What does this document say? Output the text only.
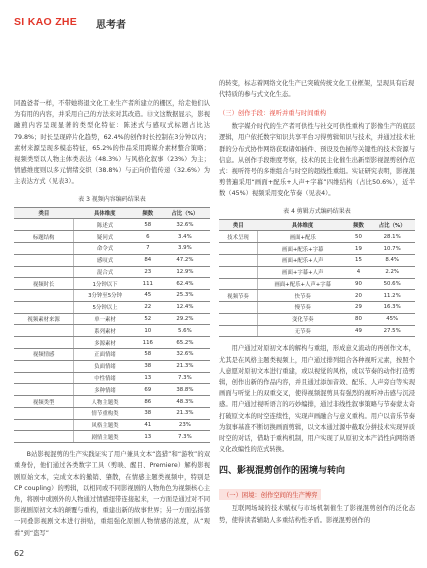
SI KAO ZHE 思考者
的转变，标志着网络文化生产已突破传统文化工业框架，呈现具有后现代特质的参与式文化生态。

同盈爸者一样，不带她将退文化工业生产者所建立的栅区，给走他们认为有用的内容，并采用自己的方法来对其改造。⑬文这数据显示，影视融煎内容呈现显著的类型化特征：陈述式与感叹式标题占比达79.8%；时长呈现碎片化趋势，62.4%的创作时长控制在3分钟以内；素材来源呈现多模态特征，65.2%的作品采用跨媒介素材整合策略；视频类型以人物主体类表达（48.3%）与风格化叙事（23%）为主；情感维度则以多元情绪交织（38.8%）与正向价值传递（32.6%）为主表达方式（见表3）。

表 3 视频内容编码结果表
类目	具体维度	频数	占比（%）
	陈述式	58	32.6%
标题结构	疑问式	6	3.4%
	命令式	7	3.9%
	感叹式	84	47.2%
	混合式	23	12.9%
视频时长	1分钟以下	111	62.4%
	3分钟至5分钟	45	25.3%
	5分钟以上	22	12.4%
视频素材来源	单一素材	52	29.2%
	系列素材	10	5.6%
	多源素材	116	65.2%
视频情感	正面情绪	58	32.6%
	负面情绪	38	21.3%
	中性情绪	13	7.3%
	多种情绪	69	38.8%
视频类型	人物主题类	86	48.3%
	情节重构类	38	21.3%
	风格主题类	41	23%
	剧情主题类	13	7.3%

B站影视混剪的生产实践证实了用户兼具文本“盗猎”和“游牧”的双重身份，他们通过各类数字工具（剪映、醒目、Premiere）解构影视剧原始文本，完成文本的撤销、肇散，在情感主题类视频中，特别是CP coupling）的剪辑，以相同或不同影视剧的人物角色为视频核心主角，将剧中或剧外的人物通过情感纽带连接起来，一方面是通过对不同影视剧原初文本的颠覆与重构，重建出新的故事世界；另一方面弘扬第一同叠影视剧文本进行拼贴，重组强化原剧人物情感的浓度，从“观看”到“盗写”

（三）创作手段：视听并重与时间重构

数字媒介时代的生产者可供性与社交可供性重构了影像生产的底层逻辑，用户依托数字知识共享平台习得剪辑知识与技术，并通过技术社群的分布式协作网络获取诸如插件、预设及色插等关键性的技术资源与信息。从创作手段维度考察，技术的民主化催生出新型影视混剪创作范式：视听符号的多维组合与时空的超线性重组。实证研究表明，影视混剪普遍采用“画面+配乐+人声+字幕”四维结构（占比50.6%），近半数（45%）视频采用变化节奏（见表4）。

表 4 剪辑方式编码结果表
类目	具体维度	频数	占比（%）
技术呈现	画面+配乐	50	28.1%
	画面+配乐+字幕	19	10.7%
	画面+配乐+人声	15	8.4%
	画面+字幕+人声	4	2.2%
	画面+配乐+人声+字幕	90	50.6%
视频节奏	快节奏	20	11.2%
	慢节奏	29	16.3%
	变化节奏	80	45%
	无节奏	49	27.5%

用户通过对原初文本的解构与重组，形成意义流动的再创作文本，尤其是在风格主题类视频上，用户通过排列组合各种视听元素，按照个人意愿对原初文本进行重建，或以视觉的风格，或以节奏的动作打造剪辑，创作出新的作品内容，并且通过添加音效、配乐、人声旁白等实现画面与听觉上的双重交叉，使得视频混剪具有强烈的视听冲击感与沉浸感。用户通过视听语言的巧妙编排，通过非线性叙事策略与节奏蒙太奇打破原文本的时空连续性，实现声画融合与意义重构。用户以音乐节奏为叙事基准不断切换画面剪辑，以文本通过源中截取分拼技术实现异质时空的对话，借助于重构机制，用户实现了从原初文本产消性向网络语义化改编性的范式转换。

四、影视混剪创作的困境与转向
（一）困境：创作空间的生产博弈

互联网场域的技术赋权与市场机制催生了影视混剪创作的泛化态势，使得读者辅助人多重结构性矛盾。影视混剪创作的

62
